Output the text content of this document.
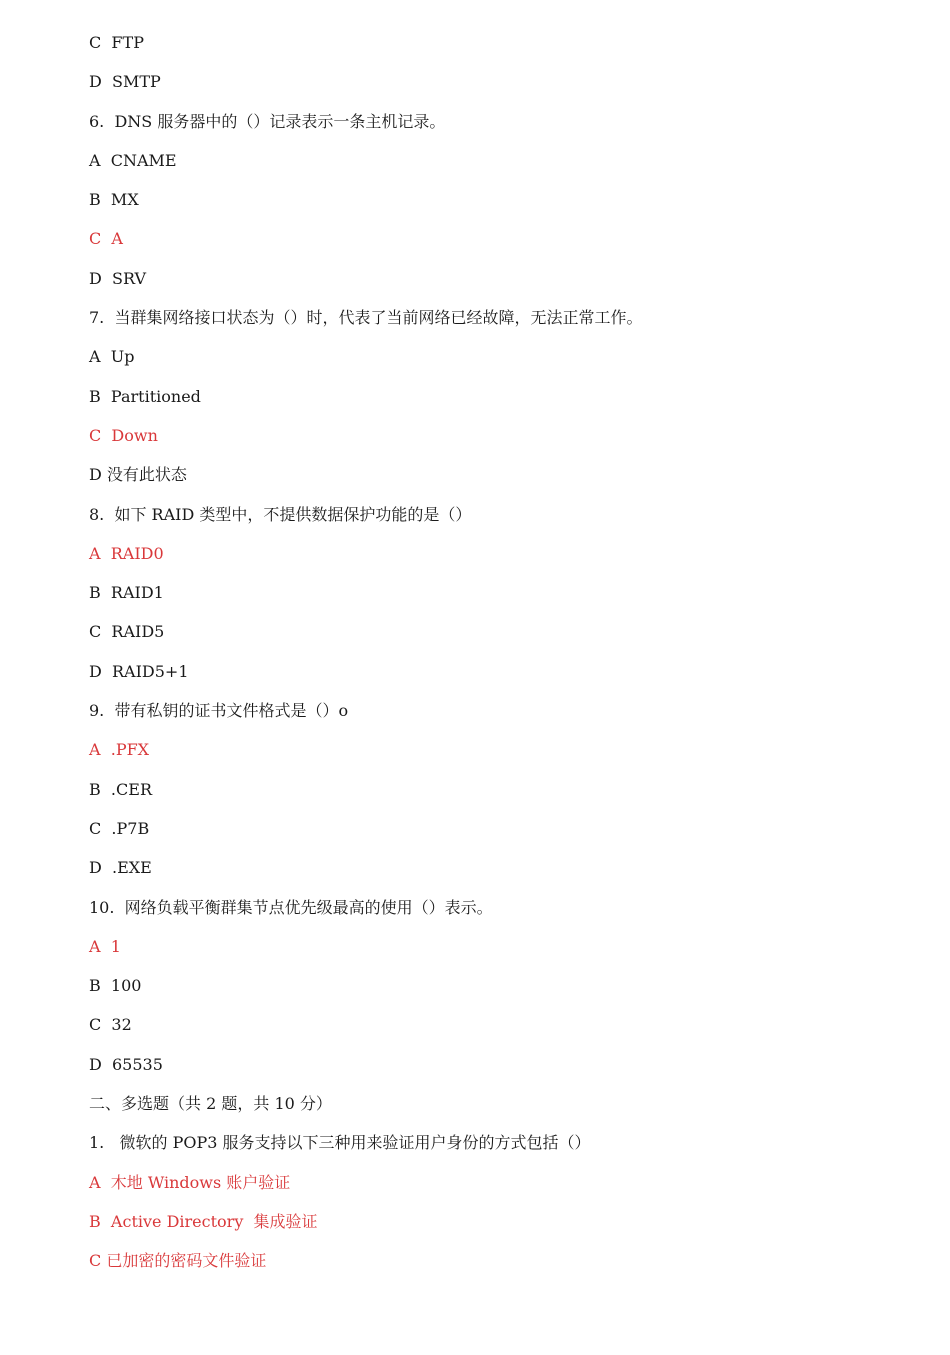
C  FTP
D  SMTP
6.  DNS 服务器中的（）记录表示一条主机记录。
A  CNAME
B  MX
C  A
D  SRV
7.  当群集网络接口状态为（）时，代表了当前网络已经故障，无法正常工作。
A  Up
B  Partitioned
C  Down
D 没有此状态
8.  如下 RAID 类型中，不提供数据保护功能的是（）
A  RAID0
B  RAID1
C  RAID5
D  RAID5+1
9.  带有私钥的证书文件格式是（）o
A  .PFX
B  .CER
C  .P7B
D  .EXE
10.  网络负载平衡群集节点优先级最高的使用（）表示。
A  1
B  100
C  32
D  65535
二、多选题（共 2 题，共 10 分）
1.   微软的 POP3 服务支持以下三种用来验证用户身份的方式包括（）
A  木地 Windows 账户验证
B  Active Directory  集成验证
C 已加密的密码文件验证
